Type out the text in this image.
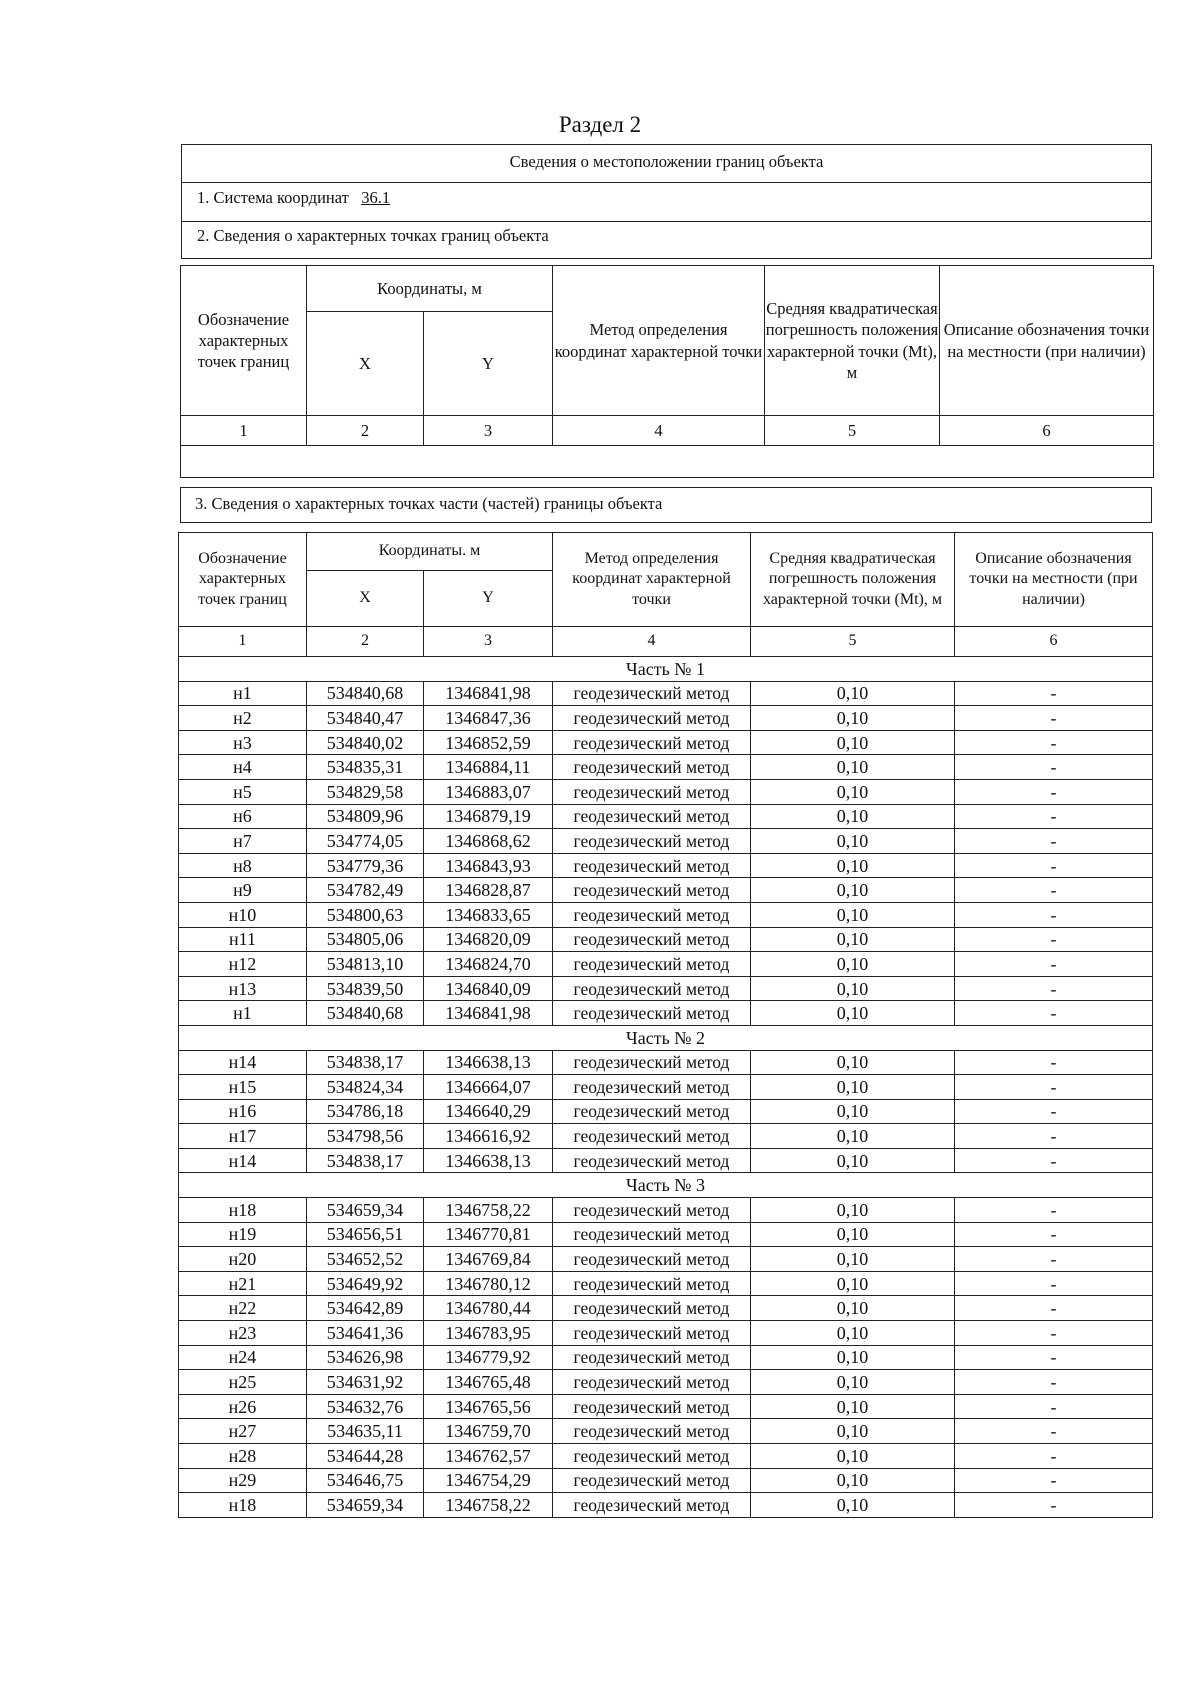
Раздел 2
Сведения о местоположении границ объекта
1. Система координат 36.1
2. Сведения о характерных точках границ объекта
Обозначение характерных точек границ	Координаты, м		Метод определения координат характерной точки	Средняя квадратическая погрешность положения характерной точки (Mt), м	Описание обозначения точки на местности (при наличии)
	X	Y			
1	2	3	4	5	6

3. Сведения о характерных точках части (частей) границы объекта
Обозначение характерных точек границ	Координаты. м		Метод определения координат характерной точки	Средняя квадратическая погрешность положения характерной точки (Mt), м	Описание обозначения точки на местности (при наличии)
	X	Y			
1	2	3	4	5	6
Часть № 1					
н1	534840,68	1346841,98	геодезический метод	0,10	-
н2	534840,47	1346847,36	геодезический метод	0,10	-
н3	534840,02	1346852,59	геодезический метод	0,10	-
н4	534835,31	1346884,11	геодезический метод	0,10	-
н5	534829,58	1346883,07	геодезический метод	0,10	-
н6	534809,96	1346879,19	геодезический метод	0,10	-
н7	534774,05	1346868,62	геодезический метод	0,10	-
н8	534779,36	1346843,93	геодезический метод	0,10	-
н9	534782,49	1346828,87	геодезический метод	0,10	-
н10	534800,63	1346833,65	геодезический метод	0,10	-
н11	534805,06	1346820,09	геодезический метод	0,10	-
н12	534813,10	1346824,70	геодезический метод	0,10	-
н13	534839,50	1346840,09	геодезический метод	0,10	-
н1	534840,68	1346841,98	геодезический метод	0,10	-
Часть № 2					
н14	534838,17	1346638,13	геодезический метод	0,10	-
н15	534824,34	1346664,07	геодезический метод	0,10	-
н16	534786,18	1346640,29	геодезический метод	0,10	-
н17	534798,56	1346616,92	геодезический метод	0,10	-
н14	534838,17	1346638,13	геодезический метод	0,10	-
Часть № 3					
н18	534659,34	1346758,22	геодезический метод	0,10	-
н19	534656,51	1346770,81	геодезический метод	0,10	-
н20	534652,52	1346769,84	геодезический метод	0,10	-
н21	534649,92	1346780,12	геодезический метод	0,10	-
н22	534642,89	1346780,44	геодезический метод	0,10	-
н23	534641,36	1346783,95	геодезический метод	0,10	-
н24	534626,98	1346779,92	геодезический метод	0,10	-
н25	534631,92	1346765,48	геодезический метод	0,10	-
н26	534632,76	1346765,56	геодезический метод	0,10	-
н27	534635,11	1346759,70	геодезический метод	0,10	-
н28	534644,28	1346762,57	геодезический метод	0,10	-
н29	534646,75	1346754,29	геодезический метод	0,10	-
н18	534659,34	1346758,22	геодезический метод	0,10	-
